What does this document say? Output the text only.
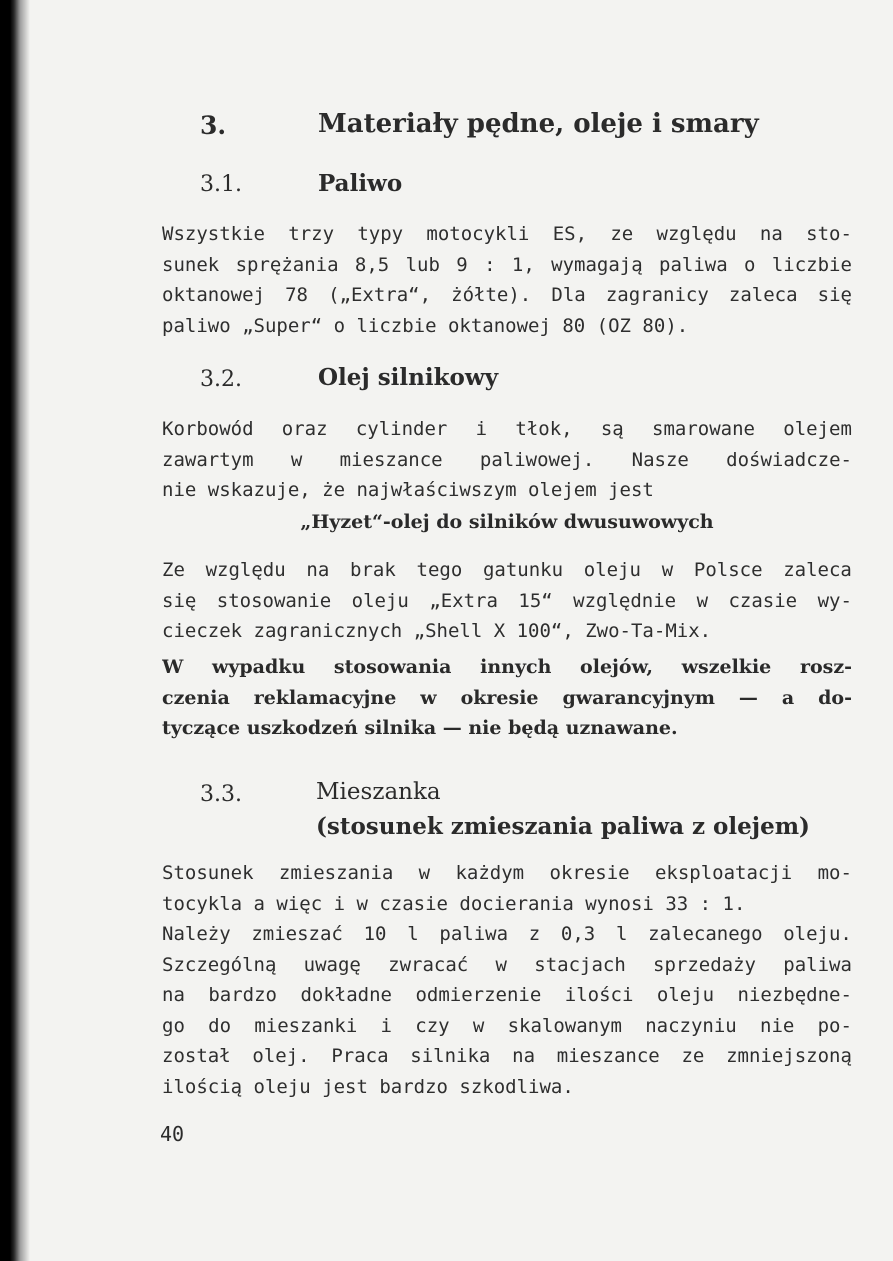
3.	Materiały pędne, oleje i smary
3.1.	Paliwo
Wszystkie trzy typy motocykli ES, ze względu na sto-
sunek sprężania 8,5 lub 9 : 1, wymagają paliwa o liczbie
oktanowej 78 („Extra“, żółte). Dla zagranicy zaleca się
paliwo „Super“ o liczbie oktanowej 80 (OZ 80).
3.2.	Olej silnikowy
Korbowód oraz cylinder i tłok, są smarowane olejem
zawartym w mieszance paliwowej. Nasze doświadcze-
nie wskazuje, że najwłaściwszym olejem jest
„Hyzet“-olej do silników dwusuwowych
Ze względu na brak tego gatunku oleju w Polsce zaleca
się stosowanie oleju „Extra 15“ względnie w czasie wy-
cieczek zagranicznych „Shell X 100“, Zwo-Ta-Mix.
W wypadku stosowania innych olejów, wszelkie rosz-
czenia reklamacyjne w okresie gwarancyjnym — a do-
tyczące uszkodzeń silnika — nie będą uznawane.
3.3.	Mieszanka
(stosunek zmieszania paliwa z olejem)
Stosunek zmieszania w każdym okresie eksploatacji mo-
tocykla a więc i w czasie docierania wynosi 33 : 1.
Należy zmieszać 10 l paliwa z 0,3 l zalecanego oleju.
Szczególną uwagę zwracać w stacjach sprzedaży paliwa
na bardzo dokładne odmierzenie ilości oleju niezbędne-
go do mieszanki i czy w skalowanym naczyniu nie po-
został olej. Praca silnika na mieszance ze zmniejszoną
ilością oleju jest bardzo szkodliwa.
40
